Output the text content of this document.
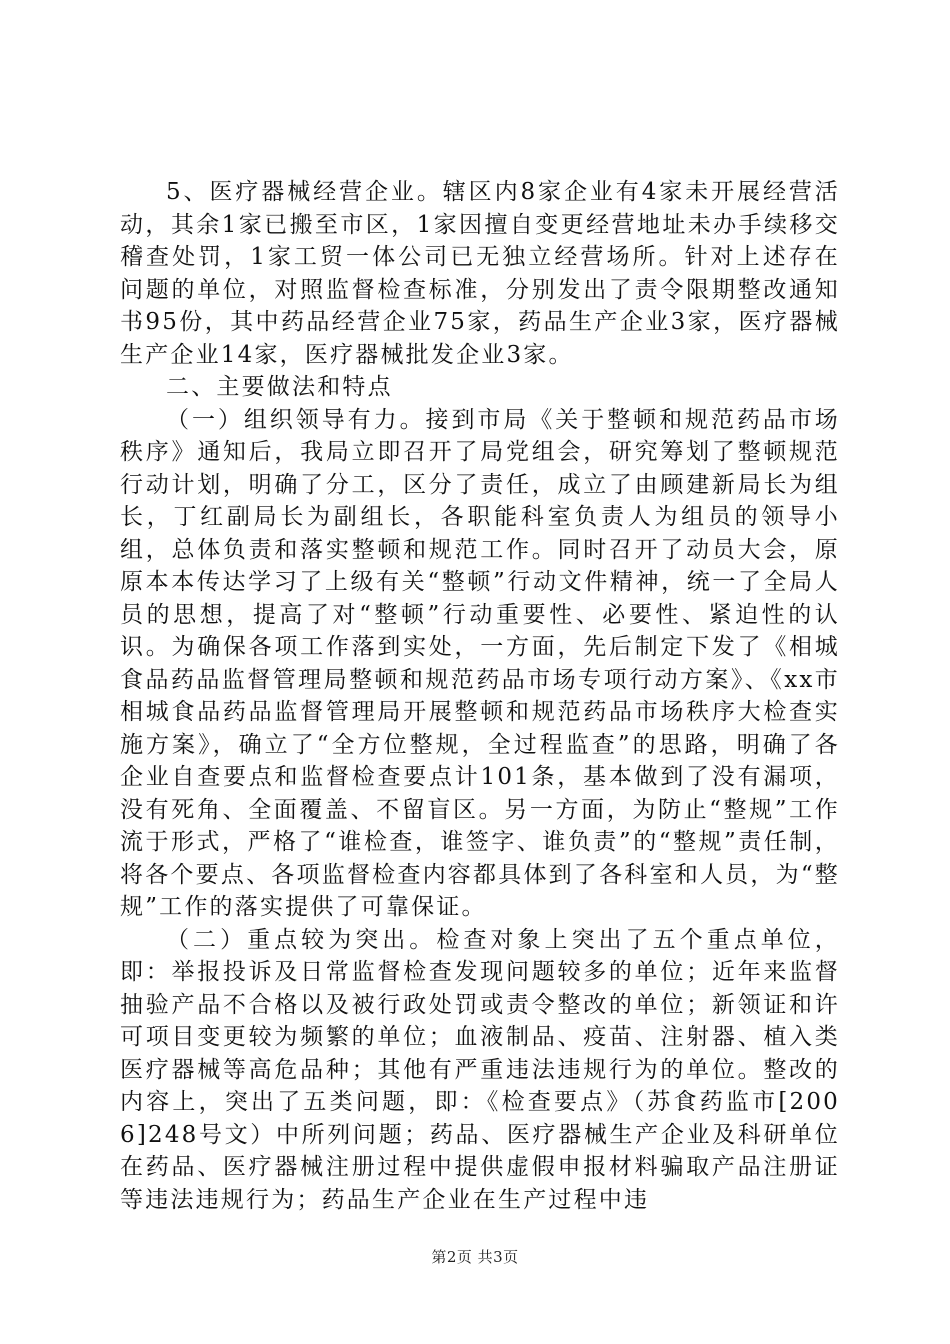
5、医疗器械经营企业。辖区内8家企业有4家未开展经营活动，其余1家已搬至市区，1家因擅自变更经营地址未办手续移交稽查处罚，1家工贸一体公司已无独立经营场所。针对上述存在问题的单位，对照监督检查标准，分别发出了责令限期整改通知书95份，其中药品经营企业75家，药品生产企业3家，医疗器械生产企业14家，医疗器械批发企业3家。

二、主要做法和特点

（一）组织领导有力。接到市局《关于整顿和规范药品市场秩序》通知后，我局立即召开了局党组会，研究筹划了整顿规范行动计划，明确了分工，区分了责任，成立了由顾建新局长为组长，丁红副局长为副组长，各职能科室负责人为组员的领导小组，总体负责和落实整顿和规范工作。同时召开了动员大会，原原本本传达学习了上级有关“整顿”行动文件精神，统一了全局人员的思想，提高了对“整顿”行动重要性、必要性、紧迫性的认识。为确保各项工作落到实处，一方面，先后制定下发了《相城食品药品监督管理局整顿和规范药品市场专项行动方案》、《xx市相城食品药品监督管理局开展整顿和规范药品市场秩序大检查实施方案》，确立了“全方位整规，全过程监查”的思路，明确了各企业自查要点和监督检查要点计101条，基本做到了没有漏项，没有死角、全面覆盖、不留盲区。另一方面，为防止“整规”工作流于形式，严格了“谁检查，谁签字、谁负责”的“整规”责任制，将各个要点、各项监督检查内容都具体到了各科室和人员，为“整规”工作的落实提供了可靠保证。

（二）重点较为突出。检查对象上突出了五个重点单位，即：举报投诉及日常监督检查发现问题较多的单位；近年来监督抽验产品不合格以及被行政处罚或责令整改的单位；新领证和许可项目变更较为频繁的单位；血液制品、疫苗、注射器、植入类医疗器械等高危品种；其他有严重违法违规行为的单位。整改的内容上，突出了五类问题，即：《检查要点》（苏食药监市[2006]248号文）中所列问题；药品、医疗器械生产企业及科研单位在药品、医疗器械注册过程中提供虚假申报材料骗取产品注册证等违法违规行为；药品生产企业在生产过程中违

第2页 共3页
